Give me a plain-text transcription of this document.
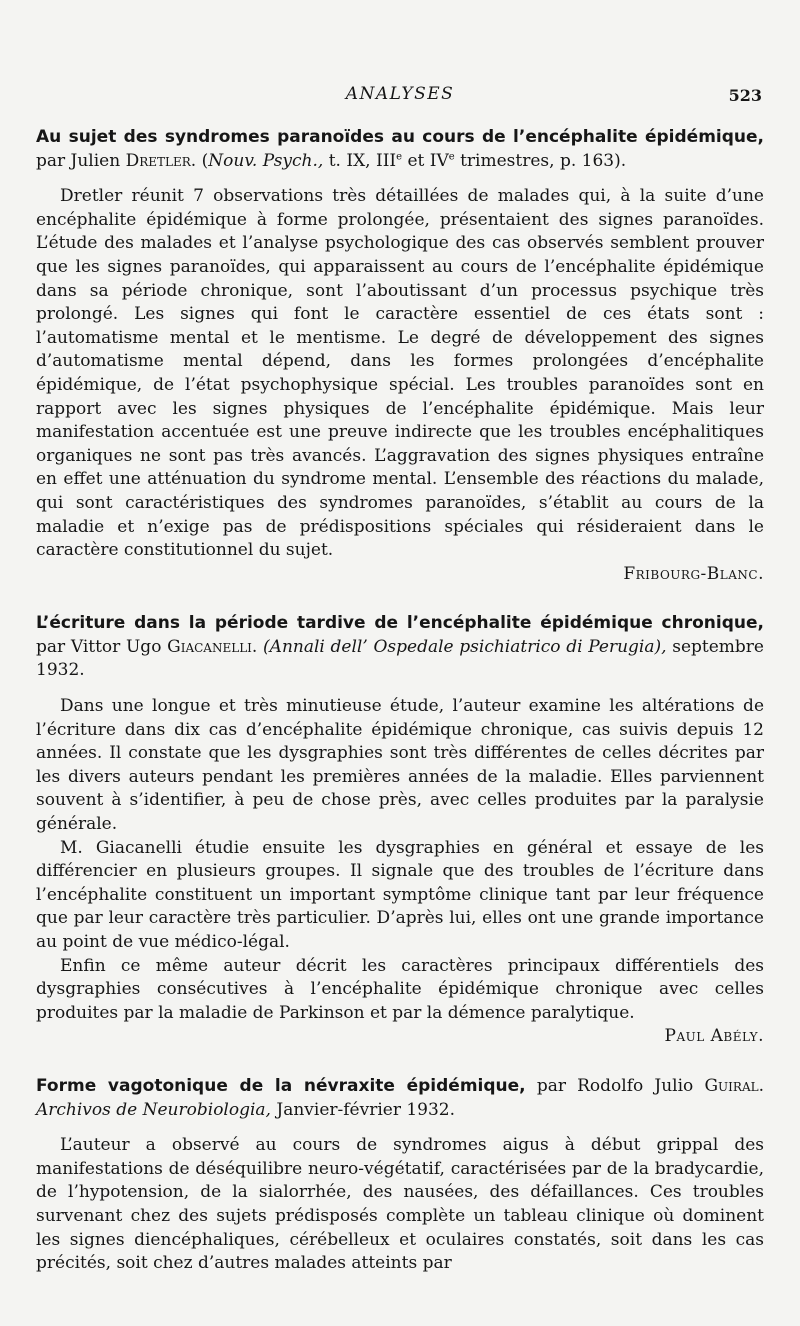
ANALYSES	523

Au sujet des syndromes paranoïdes au cours de l’encéphalite épidémique, par Julien Dretler. (Nouv. Psych., t. IX, IIIe et IVe trimestres, p. 163).

Dretler réunit 7 observations très détaillées de malades qui, à la suite d’une encéphalite épidémique à forme prolongée, présentaient des signes paranoïdes. L’étude des malades et l’analyse psychologique des cas observés semblent prouver que les signes paranoïdes, qui apparaissent au cours de l’encéphalite épidémique dans sa période chronique, sont l’aboutissant d’un processus psychique très prolongé. Les signes qui font le caractère essentiel de ces états sont : l’automatisme mental et le mentisme. Le degré de développement des signes d’automatisme mental dépend, dans les formes prolongées d’encéphalite épidémique, de l’état psychophysique spécial. Les troubles paranoïdes sont en rapport avec les signes physiques de l’encéphalite épidémique. Mais leur manifestation accentuée est une preuve indirecte que les troubles encéphalitiques organiques ne sont pas très avancés. L’aggravation des signes physiques entraîne en effet une atténuation du syndrome mental. L’ensemble des réactions du malade, qui sont caractéristiques des syndromes paranoïdes, s’établit au cours de la maladie et n’exige pas de prédispositions spéciales qui résideraient dans le caractère constitutionnel du sujet.

Fribourg-Blanc.

L’écriture dans la période tardive de l’encéphalite épidémique chronique, par Vittor Ugo Giacanelli. (Annali dell’ Ospedale psichiatrico di Perugia), septembre 1932.

Dans une longue et très minutieuse étude, l’auteur examine les altérations de l’écriture dans dix cas d’encéphalite épidémique chronique, cas suivis depuis 12 années. Il constate que les dysgraphies sont très différentes de celles décrites par les divers auteurs pendant les premières années de la maladie. Elles parviennent souvent à s’identifier, à peu de chose près, avec celles produites par la paralysie générale.

M. Giacanelli étudie ensuite les dysgraphies en général et essaye de les différencier en plusieurs groupes. Il signale que des troubles de l’écriture dans l’encéphalite constituent un important symptôme clinique tant par leur fréquence que par leur caractère très particulier. D’après lui, elles ont une grande importance au point de vue médico-légal.

Enfin ce même auteur décrit les caractères principaux différentiels des dysgraphies consécutives à l’encéphalite épidémique chronique avec celles produites par la maladie de Parkinson et par la démence paralytique.

Paul Abély.

Forme vagotonique de la névraxite épidémique, par Rodolfo Julio Guiral. Archivos de Neurobiologia, Janvier-février 1932.

L’auteur a observé au cours de syndromes aigus à début grippal des manifestations de déséquilibre neuro-végétatif, caractérisées par de la bradycardie, de l’hypotension, de la sialorrhée, des nausées, des défaillances. Ces troubles survenant chez des sujets prédisposés complète un tableau clinique où dominent les signes diencéphaliques, cérébelleux et oculaires constatés, soit dans les cas précités, soit chez d’autres malades atteints par
